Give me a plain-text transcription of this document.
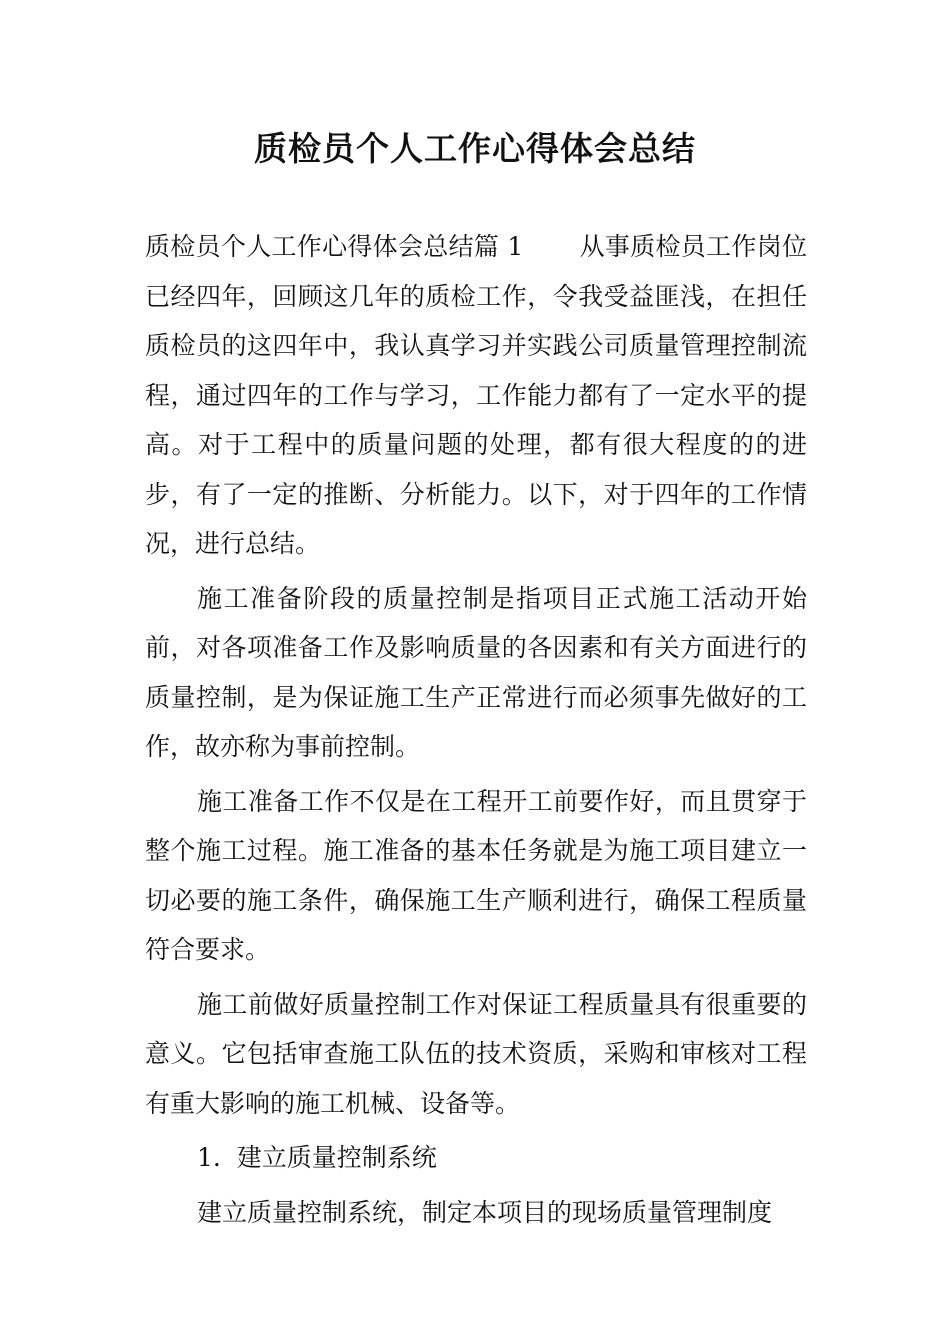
质检员个人工作心得体会总结

质检员个人工作心得体会总结篇 1 从事质检员工作岗位已经四年，回顾这几年的质检工作，令我受益匪浅，在担任质检员的这四年中，我认真学习并实践公司质量管理控制流程，通过四年的工作与学习，工作能力都有了一定水平的提高。对于工程中的质量问题的处理，都有很大程度的的进步，有了一定的推断、分析能力。以下，对于四年的工作情况，进行总结。

施工准备阶段的质量控制是指项目正式施工活动开始前，对各项准备工作及影响质量的各因素和有关方面进行的质量控制，是为保证施工生产正常进行而必须事先做好的工作，故亦称为事前控制。

施工准备工作不仅是在工程开工前要作好，而且贯穿于整个施工过程。施工准备的基本任务就是为施工项目建立一切必要的施工条件，确保施工生产顺利进行，确保工程质量符合要求。

施工前做好质量控制工作对保证工程质量具有很重要的意义。它包括审查施工队伍的技术资质，采购和审核对工程有重大影响的施工机械、设备等。

1.  建立质量控制系统

建立质量控制系统，制定本项目的现场质量管理制度
